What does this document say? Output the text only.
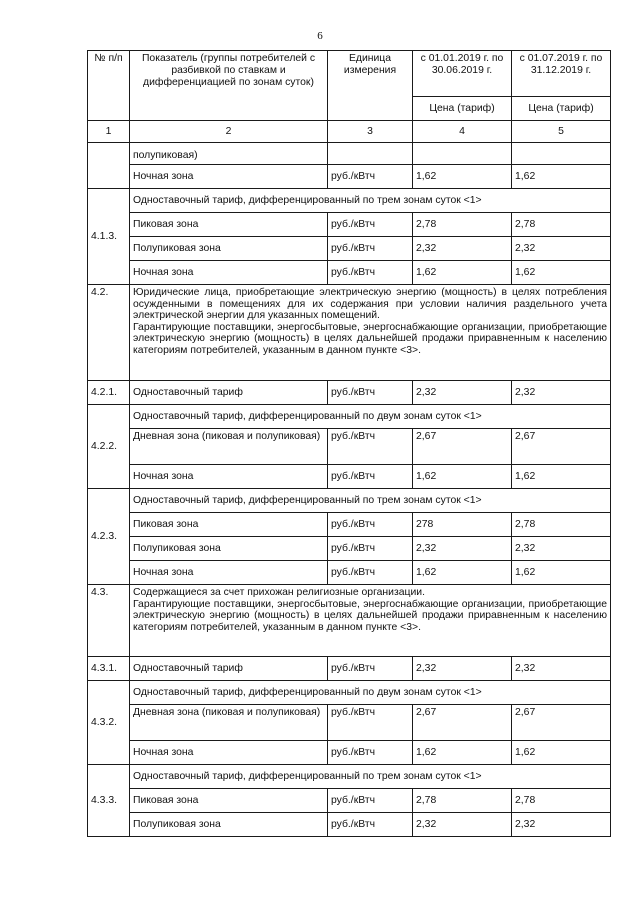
6
№ п/п	Показатель (группы потребителей с разбивкой по ставкам и дифференциацией по зонам суток)	Единица измерения	с 01.01.2019 г. по 30.06.2019 г.	с 01.07.2019 г. по 31.12.2019 г.
			Цена (тариф)	Цена (тариф)
1	2	3	4	5
	полупиковая)			
	Ночная зона	руб./кВтч	1,62	1,62
4.1.3.	Одноставочный тариф, дифференцированный по трем зонам суток <1>			
	Пиковая зона	руб./кВтч	2,78	2,78
	Полупиковая зона	руб./кВтч	2,32	2,32
	Ночная зона	руб./кВтч	1,62	1,62
4.2.	Юридические лица, приобретающие электрическую энергию (мощность) в целях потребления осужденными в помещениях для их содержания при условии наличия раздельного учета электрической энергии для указанных помещений.
Гарантирующие поставщики, энергосбытовые, энергоснабжающие организации, приобретающие электрическую энергию (мощность) в целях дальнейшей продажи приравненным к населению категориям потребителей, указанным в данном пункте <3>.			

4.2.1.	Одноставочный тариф	руб./кВтч	2,32	2,32
4.2.2.	Одноставочный тариф, дифференцированный по двум зонам суток <1>			
	Дневная зона (пиковая и полупиковая)	руб./кВтч	2,67	2,67
	Ночная зона	руб./кВтч	1,62	1,62
4.2.3.	Одноставочный тариф, дифференцированный по трем зонам суток <1>			
	Пиковая зона	руб./кВтч	278	2,78
	Полупиковая зона	руб./кВтч	2,32	2,32
	Ночная зона	руб./кВтч	1,62	1,62
4.3.	Содержащиеся за счет прихожан религиозные организации.
Гарантирующие поставщики, энергосбытовые, энергоснабжающие организации, приобретающие электрическую энергию (мощность) в целях дальнейшей продажи приравненным к населению категориям потребителей, указанным в данном пункте <3>.			

4.3.1.	Одноставочный тариф	руб./кВтч	2,32	2,32
4.3.2.	Одноставочный тариф, дифференцированный по двум зонам суток <1>			
	Дневная зона (пиковая и полупиковая)	руб./кВтч	2,67	2,67
	Ночная зона	руб./кВтч	1,62	1,62
4.3.3.	Одноставочный тариф, дифференцированный по трем зонам суток <1>			
	Пиковая зона	руб./кВтч	2,78	2,78
	Полупиковая зона	руб./кВтч	2,32	2,32
